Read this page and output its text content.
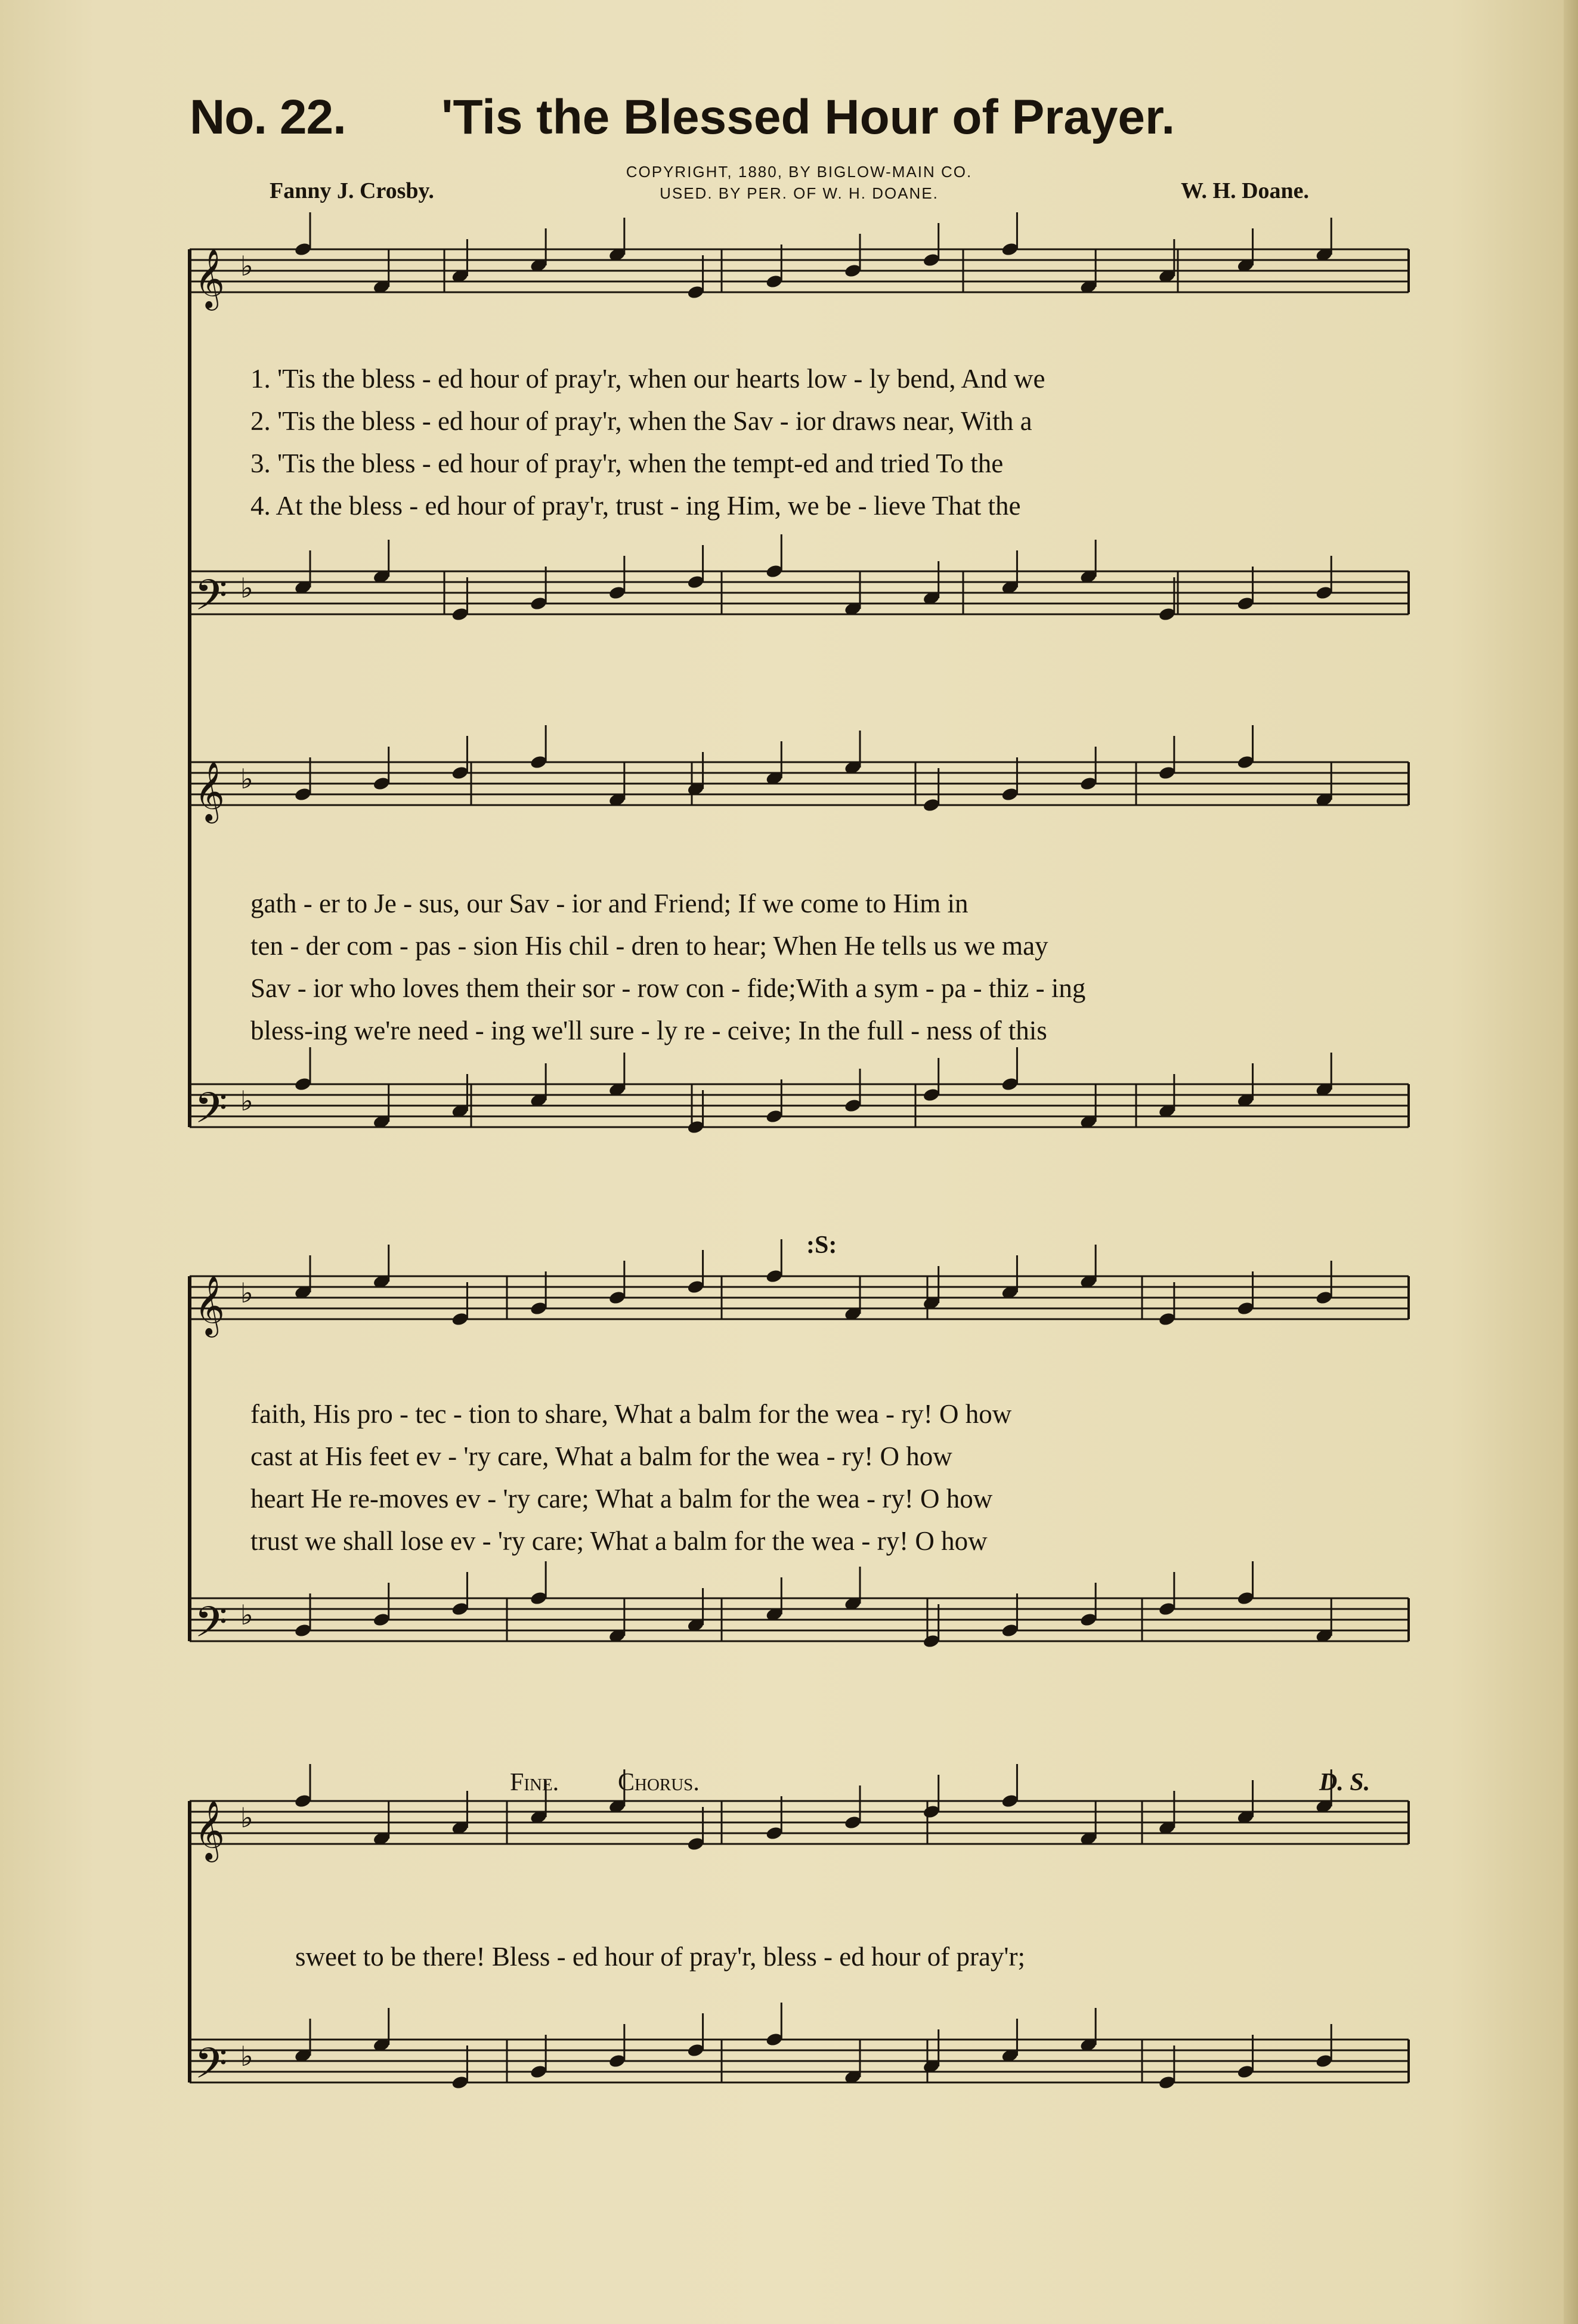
No. 22. 'Tis the Blessed Hour of Prayer.
COPYRIGHT, 1880, BY BIGLOW-MAIN CO.
USED. BY PER. OF W. H. DOANE.
Fanny J. Crosby.	W. H. Doane.
𝄞 ♭
𝄢 ♭
𝄞 ♭
𝄢 ♭
𝄞 ♭
𝄢 ♭
𝄞 ♭
𝄢 ♭
1. 'Tis the bless - ed hour of pray'r, when our hearts low - ly bend, And we
2. 'Tis the bless - ed hour of pray'r, when the Sav - ior draws near, With a
3. 'Tis the bless - ed hour of pray'r, when the tempt-ed and tried To the
4. At the bless - ed hour of pray'r, trust - ing Him, we be - lieve That the
gath - er to Je - sus, our Sav - ior and Friend; If we come to Him in
ten - der com - pas - sion His chil - dren to hear; When He tells us we may
Sav - ior who loves them their sor - row con - fide;With a sym - pa - thiz - ing
bless-ing we're need - ing we'll sure - ly re - ceive; In the full - ness of this
faith, His pro - tec - tion to share, What a balm for the wea - ry! O how
cast at His feet ev - 'ry care, What a balm for the wea - ry! O how
heart He re-moves ev - 'ry care; What a balm for the wea - ry! O how
trust we shall lose ev - 'ry care; What a balm for the wea - ry! O how
sweet to be there! Bless - ed hour of pray'r, bless - ed hour of pray'r;
Fine. Chorus.	D. S.
:S:
